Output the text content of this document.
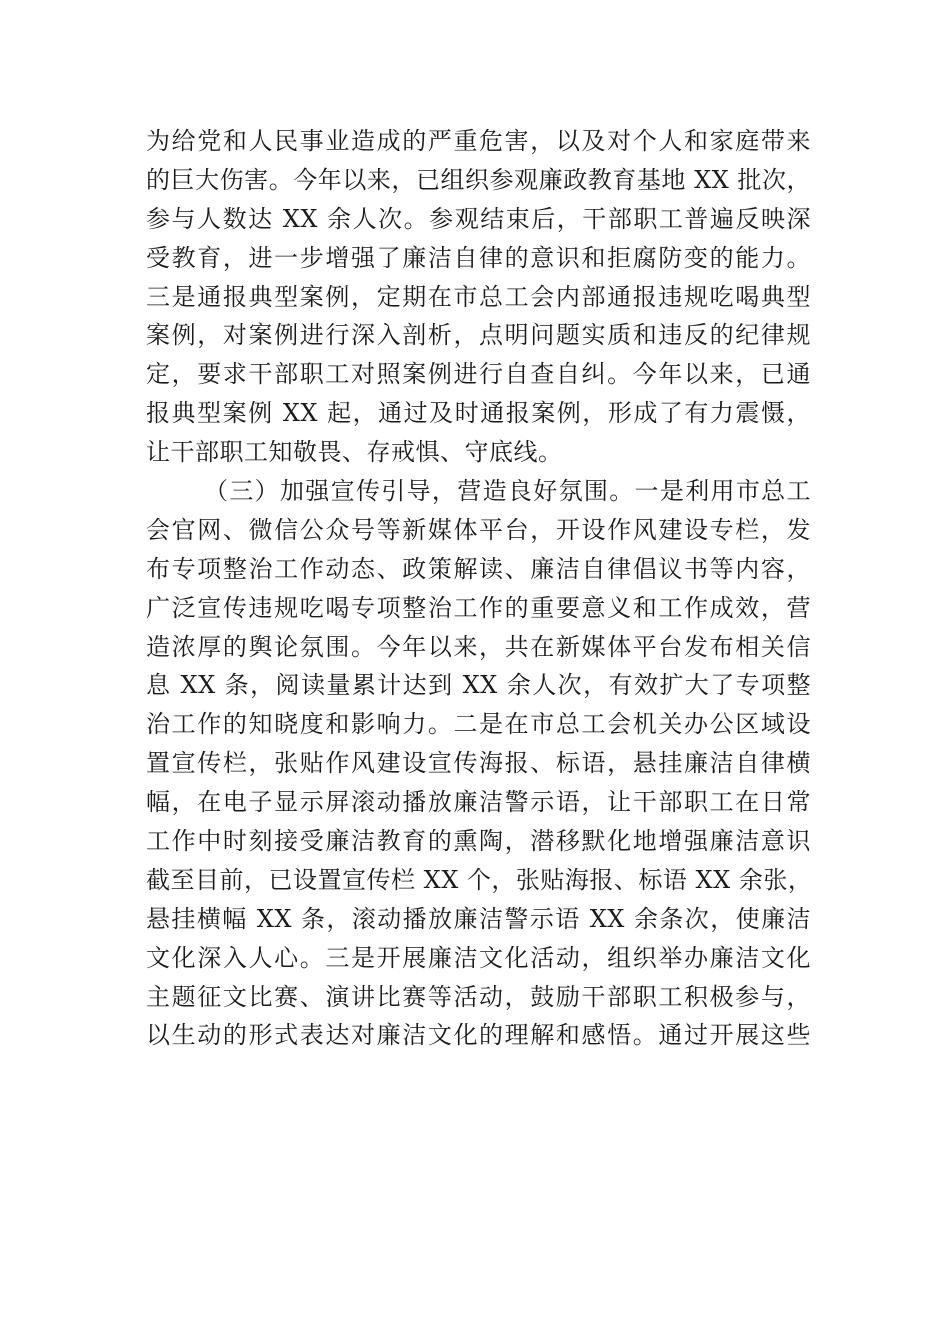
为给党和人民事业造成的严重危害，以及对个人和家庭带来
的巨大伤害。今年以来，已组织参观廉政教育基地 XX 批次，
参与人数达 XX 余人次。参观结束后，干部职工普遍反映深
受教育，进一步增强了廉洁自律的意识和拒腐防变的能力。
三是通报典型案例，定期在市总工会内部通报违规吃喝典型
案例，对案例进行深入剖析，点明问题实质和违反的纪律规
定，要求干部职工对照案例进行自查自纠。今年以来，已通
报典型案例 XX 起，通过及时通报案例，形成了有力震慑，
让干部职工知敬畏、存戒惧、守底线。
（三）加强宣传引导，营造良好氛围。一是利用市总工
会官网、微信公众号等新媒体平台，开设作风建设专栏，发
布专项整治工作动态、政策解读、廉洁自律倡议书等内容，
广泛宣传违规吃喝专项整治工作的重要意义和工作成效，营
造浓厚的舆论氛围。今年以来，共在新媒体平台发布相关信
息 XX 条，阅读量累计达到 XX 余人次，有效扩大了专项整
治工作的知晓度和影响力。二是在市总工会机关办公区域设
置宣传栏，张贴作风建设宣传海报、标语，悬挂廉洁自律横
幅，在电子显示屏滚动播放廉洁警示语，让干部职工在日常
工作中时刻接受廉洁教育的熏陶，潜移默化地增强廉洁意识
截至目前，已设置宣传栏 XX 个，张贴海报、标语 XX 余张，
悬挂横幅 XX 条，滚动播放廉洁警示语 XX 余条次，使廉洁
文化深入人心。三是开展廉洁文化活动，组织举办廉洁文化
主题征文比赛、演讲比赛等活动，鼓励干部职工积极参与，
以生动的形式表达对廉洁文化的理解和感悟。通过开展这些
